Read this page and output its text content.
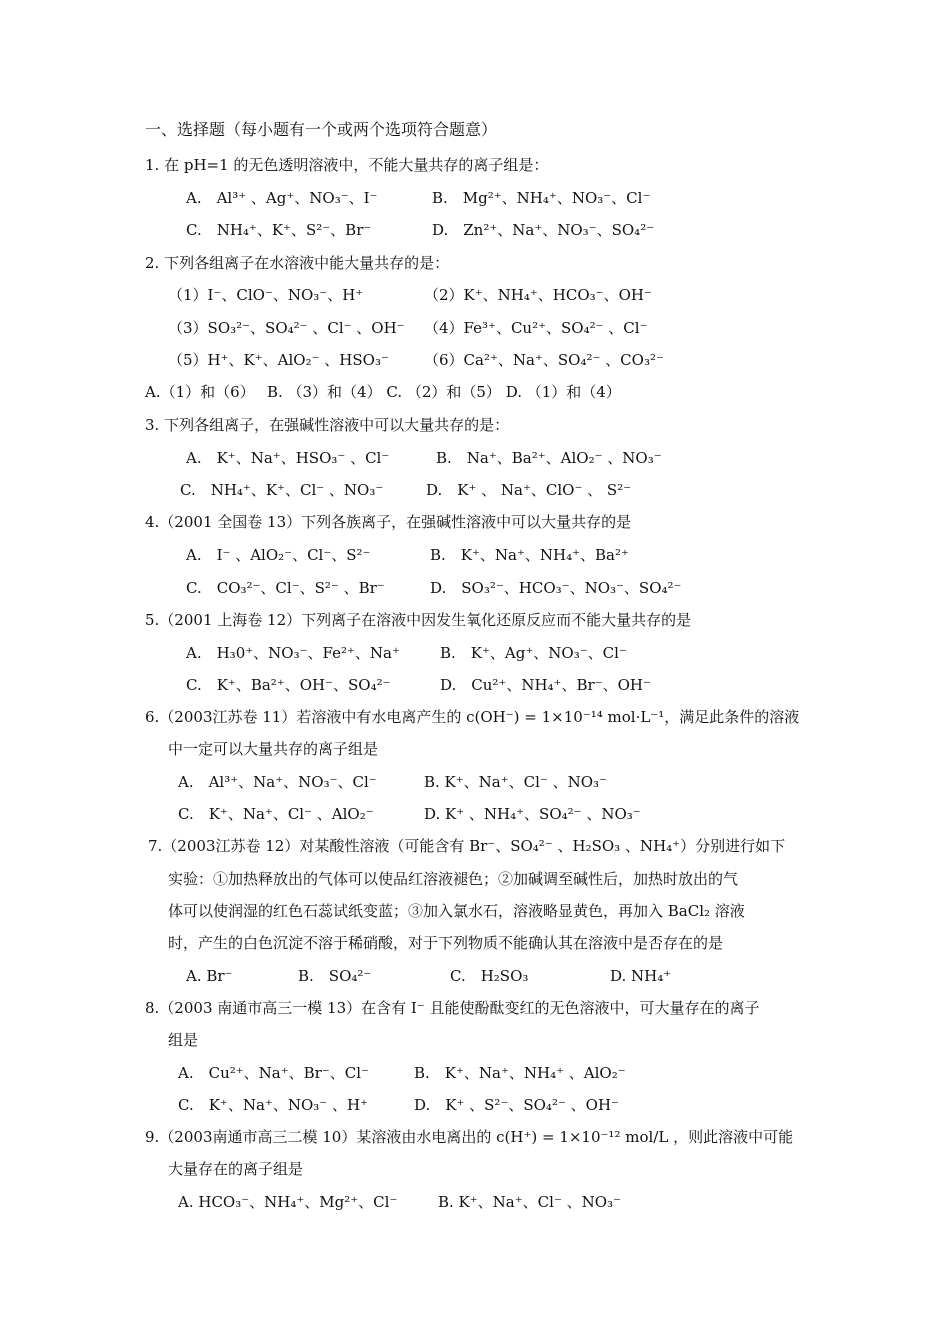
一、选择题（每小题有一个或两个选项符合题意）
1. 在 pH=1 的无色透明溶液中，不能大量共存的离子组是：
A.　Al³⁺ 、Ag⁺、NO₃⁻、I⁻	B.　Mg²⁺、NH₄⁺、NO₃⁻、Cl⁻
C.　NH₄⁺、K⁺、S²⁻、Br⁻	D.　Zn²⁺、Na⁺、NO₃⁻、SO₄²⁻
2. 下列各组离子在水溶液中能大量共存的是：
（1）I⁻、ClO⁻、NO₃⁻、H⁺	（2）K⁺、NH₄⁺、HCO₃⁻、OH⁻
（3）SO₃²⁻、SO₄²⁻ 、Cl⁻ 、OH⁻ （4）Fe³⁺、Cu²⁺、SO₄²⁻ 、Cl⁻
（5）H⁺、K⁺、AlO₂⁻ 、HSO₃⁻ （6）Ca²⁺、Na⁺、SO₄²⁻ 、CO₃²⁻
A.（1）和（6）　 B. （3）和（4） C. （2）和（5） D. （1）和（4）
3. 下列各组离子，在强碱性溶液中可以大量共存的是：
A.　K⁺、Na⁺、HSO₃⁻ 、Cl⁻	B.　Na⁺、Ba²⁺、AlO₂⁻ 、NO₃⁻
C.　NH₄⁺、K⁺、Cl⁻ 、NO₃⁻	D.　K⁺ 、 Na⁺、ClO⁻ 、 S²⁻
4.（2001 全国卷 13）下列各族离子，在强碱性溶液中可以大量共存的是
A.　I⁻ 、AlO₂⁻、Cl⁻、S²⁻	B.　K⁺、Na⁺、NH₄⁺、Ba²⁺
C.　CO₃²⁻、Cl⁻、S²⁻ 、Br⁻	D.　SO₃²⁻、HCO₃⁻、NO₃⁻、SO₄²⁻
5.（2001 上海卷 12）下列离子在溶液中因发生氧化还原反应而不能大量共存的是
A.　H₃0⁺、NO₃⁻、Fe²⁺、Na⁺	B.　K⁺、Ag⁺、NO₃⁻、Cl⁻
C.　K⁺、Ba²⁺、OH⁻、SO₄²⁻	D.　Cu²⁺、NH₄⁺、Br⁻、OH⁻
6.（2003江苏卷 11）若溶液中有水电离产生的 c(OH⁻) = 1×10⁻¹⁴ mol·L⁻¹，满足此条件的溶液
中一定可以大量共存的离子组是
A.　Al³⁺、Na⁺、NO₃⁻、Cl⁻	B. K⁺、Na⁺、Cl⁻ 、NO₃⁻
C.　K⁺、Na⁺、Cl⁻ 、AlO₂⁻	D. K⁺ 、NH₄⁺、SO₄²⁻ 、NO₃⁻
7.（2003江苏卷 12）对某酸性溶液（可能含有 Br⁻、SO₄²⁻ 、H₂SO₃ 、NH₄⁺）分别进行如下
实验：①加热释放出的气体可以使品红溶液褪色；②加碱调至碱性后，加热时放出的气
体可以使润湿的红色石蕊试纸变蓝；③加入氯水石，溶液略显黄色，再加入 BaCl₂ 溶液
时，产生的白色沉淀不溶于稀硝酸，对于下列物质不能确认其在溶液中是否存在的是
A. Br⁻	B.　SO₄²⁻	C.　H₂SO₃	D. NH₄⁺
8.（2003 南通市高三一模 13）在含有 I⁻ 且能使酚酞变红的无色溶液中，可大量存在的离子
组是
A.　Cu²⁺、Na⁺、Br⁻、Cl⁻	B.　K⁺、Na⁺、NH₄⁺ 、AlO₂⁻
C.　K⁺、Na⁺、NO₃⁻ 、H⁺	D.　K⁺ 、S²⁻、SO₄²⁻ 、OH⁻
9.（2003南通市高三二模 10）某溶液由水电离出的 c(H⁺) = 1×10⁻¹² mol/L ，则此溶液中可能
大量存在的离子组是
A. HCO₃⁻、NH₄⁺、Mg²⁺、Cl⁻	B. K⁺、Na⁺、Cl⁻ 、NO₃⁻
